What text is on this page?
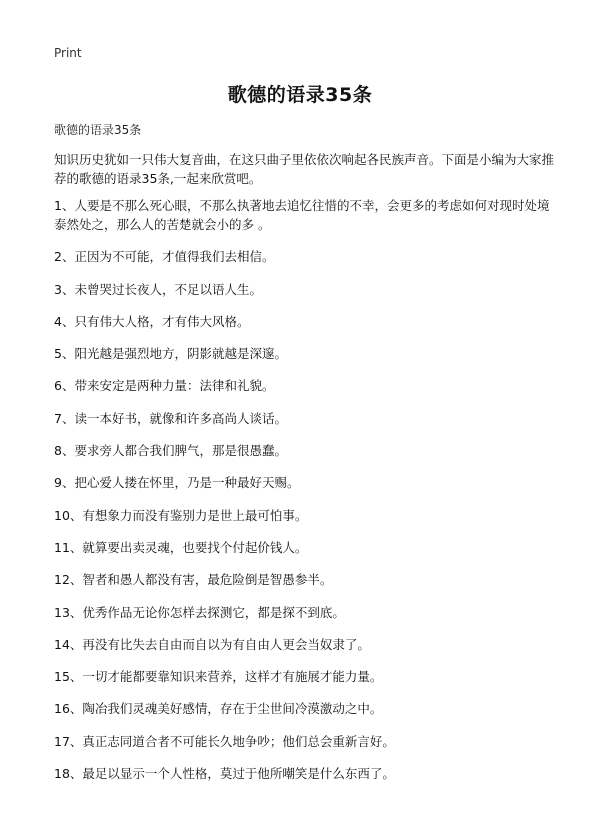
Print
歌德的语录35条
歌德的语录35条
知识历史犹如一只伟大复音曲，在这只曲子里依依次响起各民族声音。下面是小编为大家推荐的歌德的语录35条,一起来欣赏吧。
1、人要是不那么死心眼，不那么执著地去追忆往惜的不幸，会更多的考虑如何对现时处境泰然处之，那么人的苦楚就会小的多 。
2、正因为不可能，才值得我们去相信。
3、未曾哭过长夜人，不足以语人生。
4、只有伟大人格，才有伟大风格。
5、阳光越是强烈地方，阴影就越是深邃。
6、带来安定是两种力量：法律和礼貌。
7、读一本好书，就像和许多高尚人谈话。
8、要求旁人都合我们脾气，那是很愚蠢。
9、把心爱人搂在怀里，乃是一种最好天赐。
10、有想象力而没有鉴别力是世上最可怕事。
11、就算要出卖灵魂，也要找个付起价钱人。
12、智者和愚人都没有害，最危险倒是智愚参半。
13、优秀作品无论你怎样去探测它，都是探不到底。
14、再没有比失去自由而自以为有自由人更会当奴隶了。
15、一切才能都要靠知识来营养，这样才有施展才能力量。
16、陶冶我们灵魂美好感情，存在于尘世间冷漠激动之中。
17、真正志同道合者不可能长久地争吵；他们总会重新言好。
18、最足以显示一个人性格，莫过于他所嘲笑是什么东西了。
